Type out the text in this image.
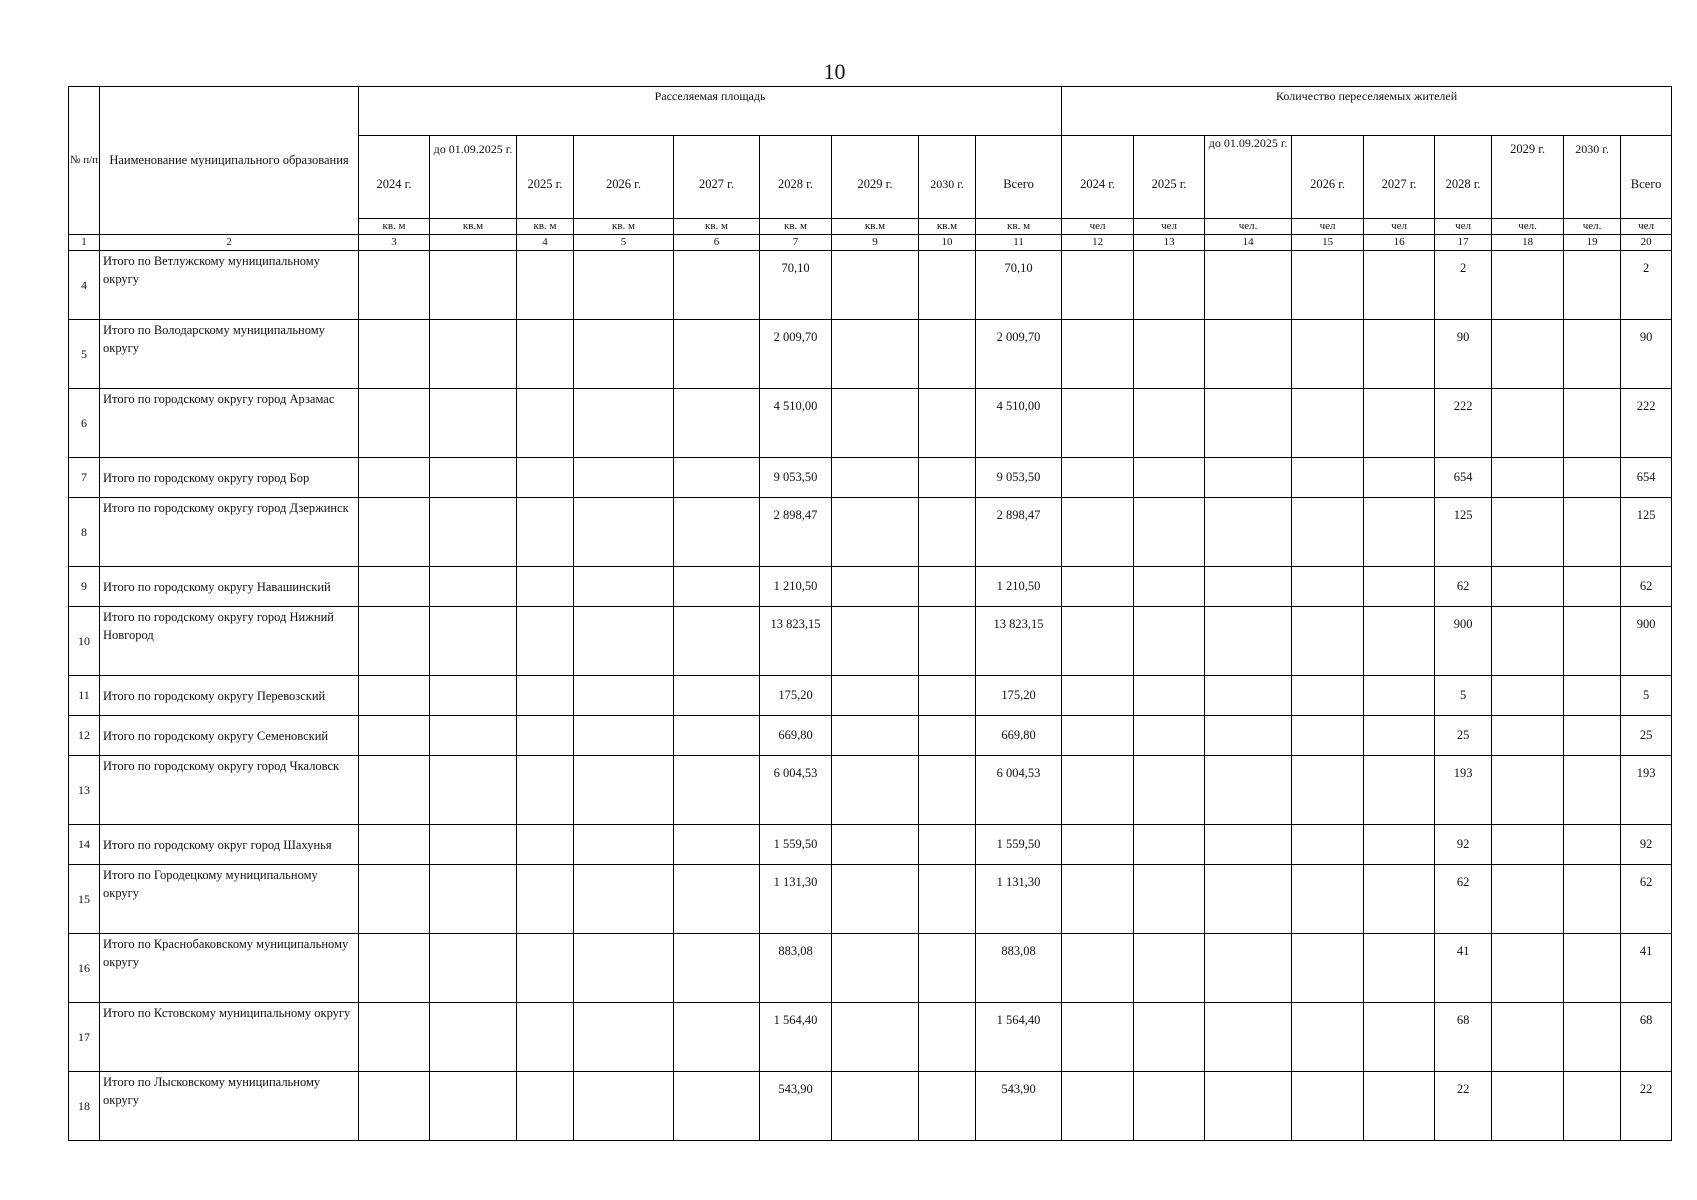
10
№ п/п	Наименование муниципального образования	Расселяемая площадь									Количество переселяемых жителей								
		2024 г.	до 01.09.2025 г.	2025 г.	2026 г.	2027 г.	2028 г.	2029 г.	2030 г.	Всего	2024 г.	2025 г.	до 01.09.2025 г.	2026 г.	2027 г.	2028 г.	2029 г.	2030 г.	Всего
		кв. м	кв.м	кв. м	кв. м	кв. м	кв. м	кв.м	кв.м	кв. м	чел	чел	чел.	чел	чел	чел	чел.	чел.	чел
1	2	3		4	5	6	7	9	10	11	12	13	14	15	16	17	18	19	20
4	Итого по Ветлужскому муниципальному округу						70,10			70,10						2			2
5	Итого по Володарскому муниципальному округу						2 009,70			2 009,70						90			90
6	Итого по городскому округу город Арзамас						4 510,00			4 510,00						222			222
7	Итого по городскому округу город Бор						9 053,50			9 053,50						654			654
8	Итого по городскому округу город Дзержинск						2 898,47			2 898,47						125			125
9	Итого по городскому округу Навашинский						1 210,50			1 210,50						62			62
10	Итого по городскому округу город Нижний Новгород						13 823,15			13 823,15						900			900
11	Итого по городскому округу Перевозский						175,20			175,20						5			5
12	Итого по городскому округу Семеновский						669,80			669,80						25			25
13	Итого по городскому округу город Чкаловск						6 004,53			6 004,53						193			193
14	Итого по городскому округ город Шахунья						1 559,50			1 559,50						92			92
15	Итого по Городецкому муниципальному округу						1 131,30			1 131,30						62			62
16	Итого по Краснобаковскому муниципальному округу						883,08			883,08						41			41
17	Итого по Кстовскому муниципальному округу						1 564,40			1 564,40						68			68
18	Итого по Лысковскому муниципальному округу						543,90			543,90						22			22
